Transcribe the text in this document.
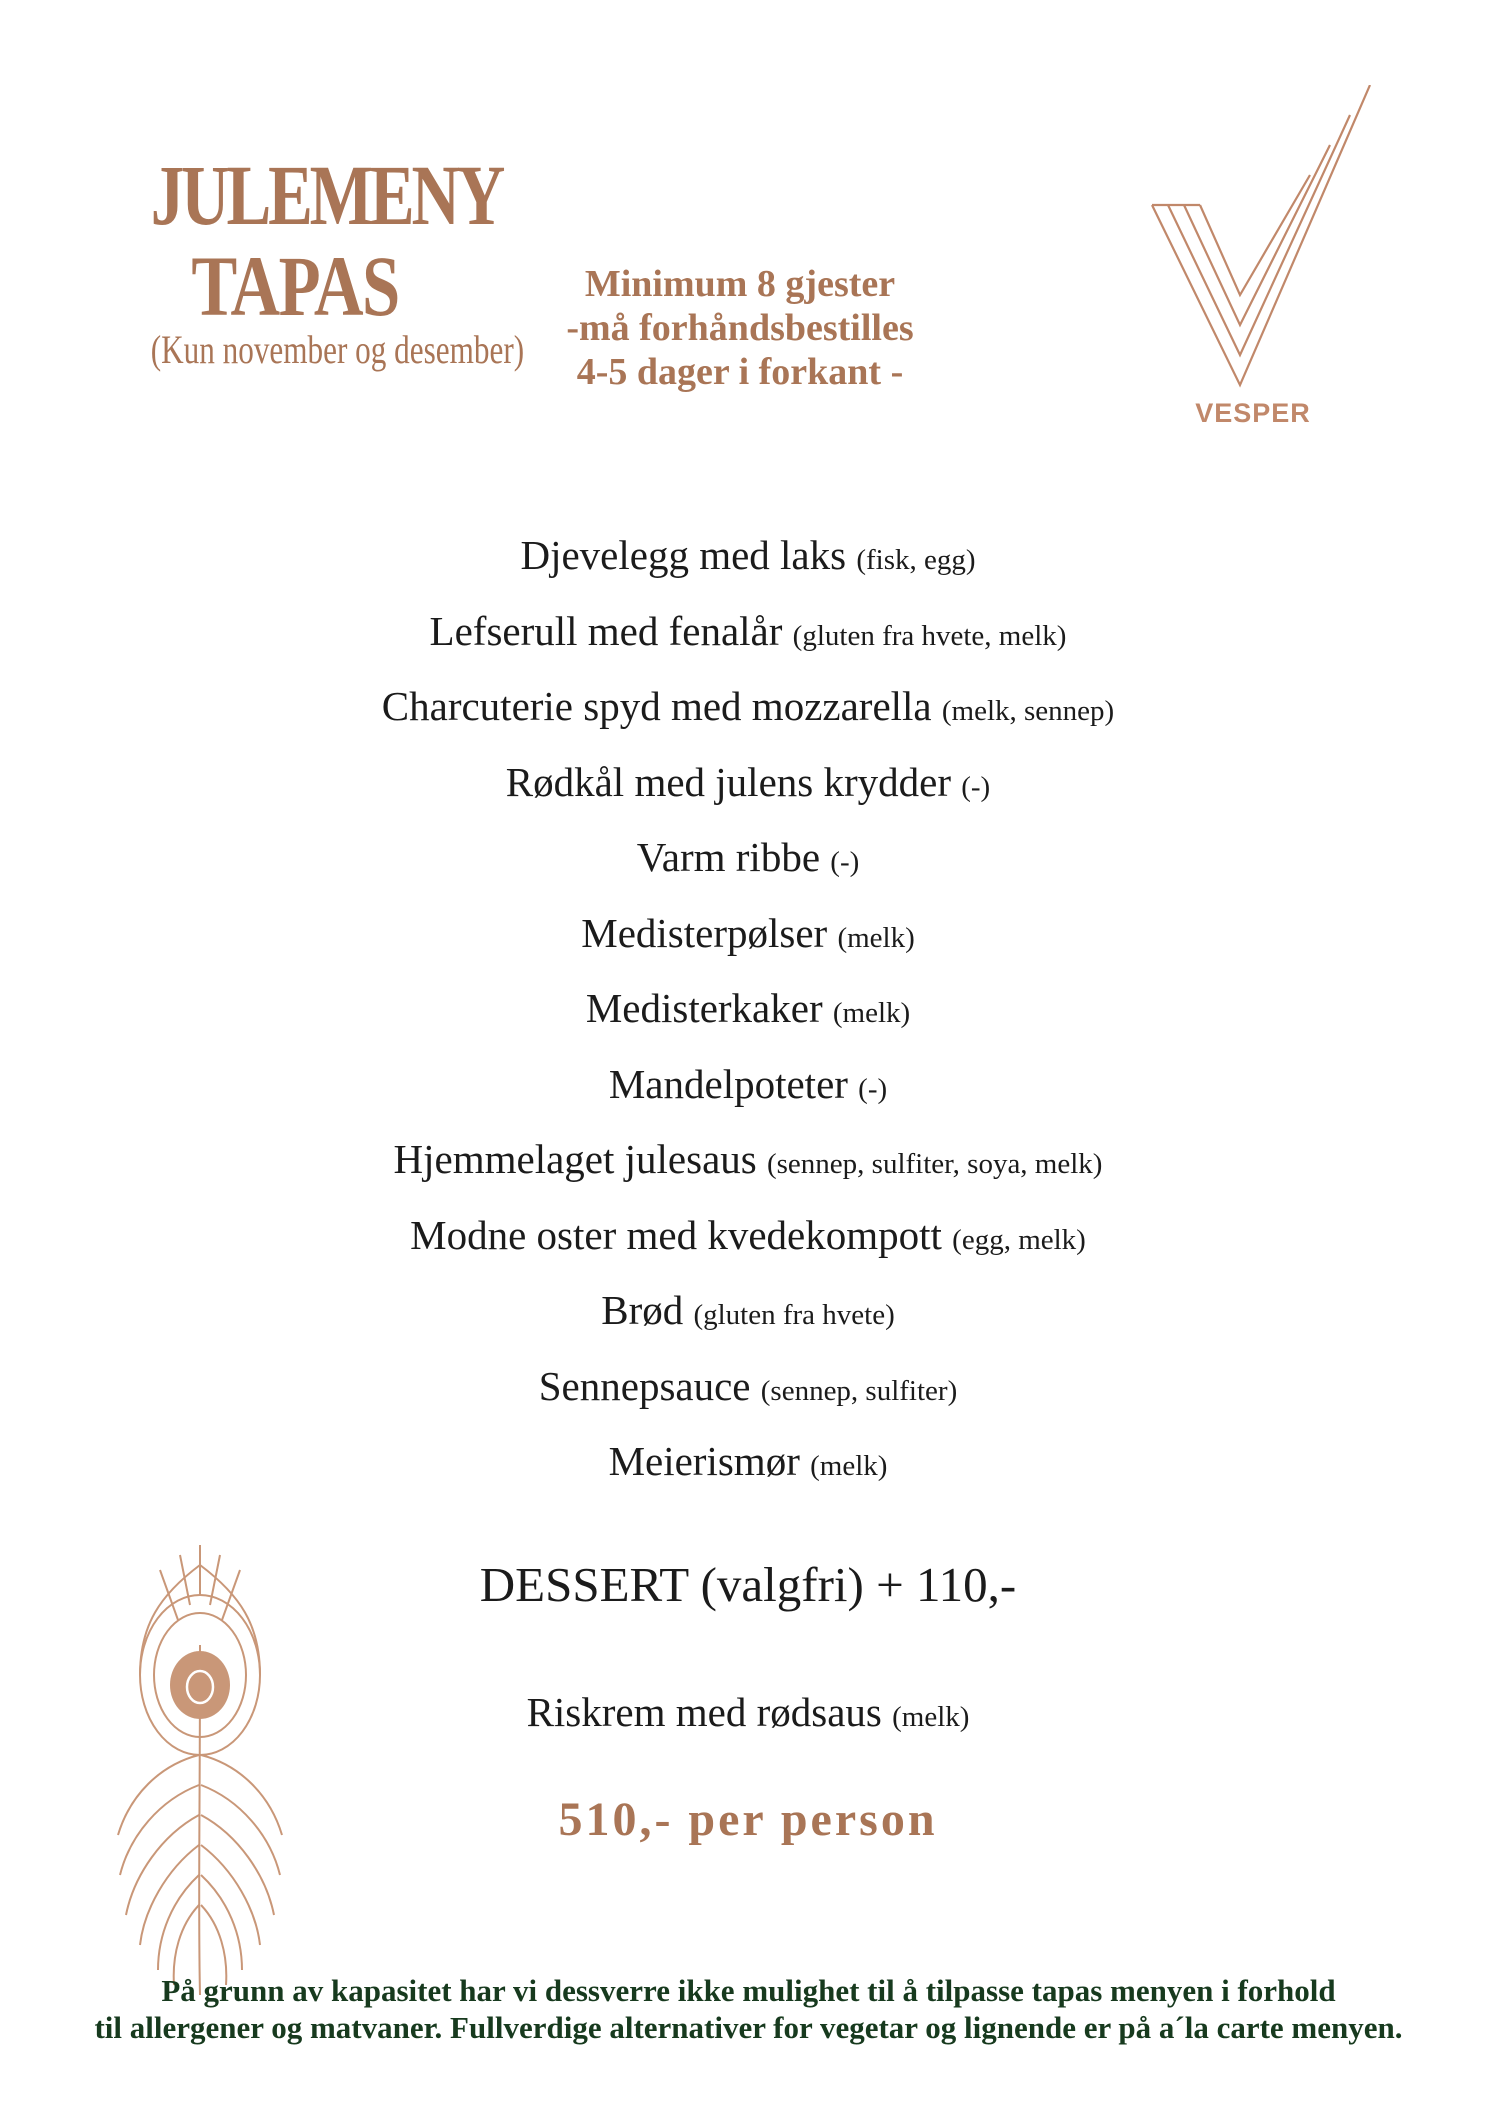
JULEMENY
TAPAS
(Kun november og desember)
Minimum 8 gjester
-må forhåndsbestilles
4-5 dager i forkant -
VESPER
Djevelegg med laks (fisk, egg)
Lefserull med fenalår (gluten fra hvete, melk)
Charcuterie spyd med mozzarella (melk, sennep)
Rødkål med julens krydder (-)
Varm ribbe (-)
Medisterpølser (melk)
Medisterkaker (melk)
Mandelpoteter (-)
Hjemmelaget julesaus (sennep, sulfiter, soya, melk)
Modne oster med kvedekompott (egg, melk)
Brød (gluten fra hvete)
Sennepsauce (sennep, sulfiter)
Meierismør (melk)
DESSERT (valgfri) + 110,-
Riskrem med rødsaus (melk)
510,- per person
På grunn av kapasitet har vi dessverre ikke mulighet til å tilpasse tapas menyen i forhold
til allergener og matvaner. Fullverdige alternativer for vegetar og lignende er på a´la carte menyen.
